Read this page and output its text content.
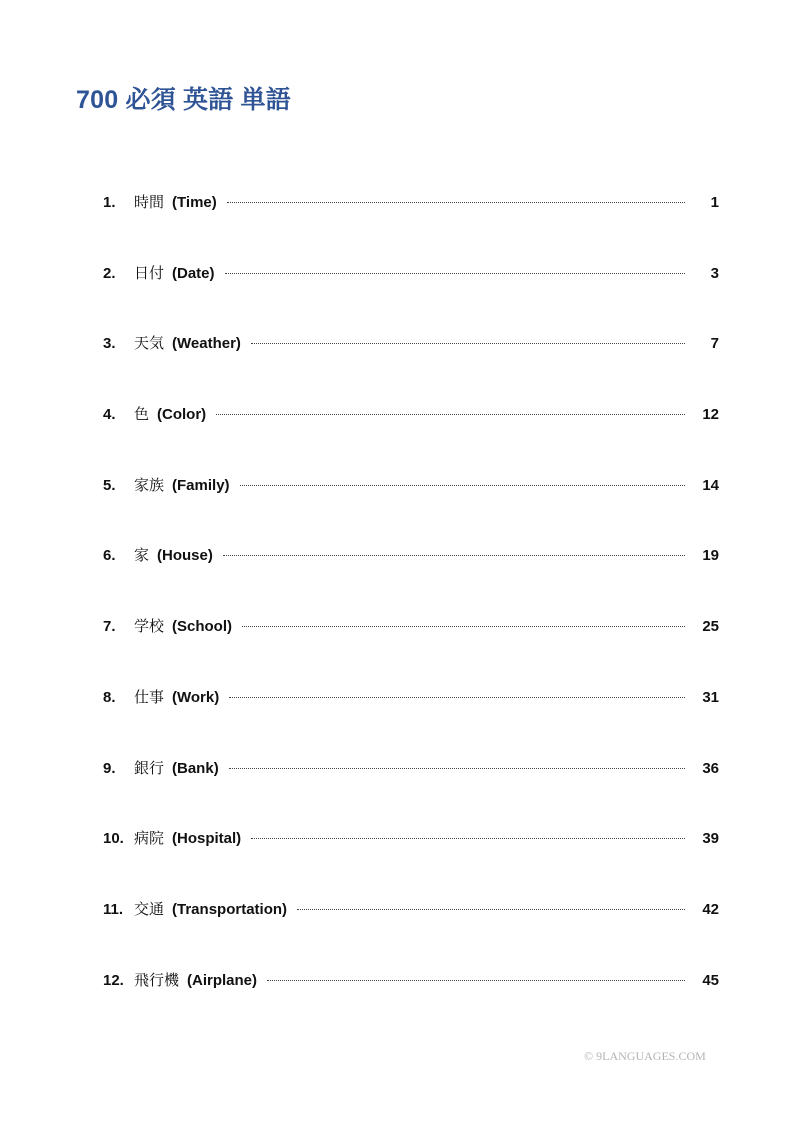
700 必須 英語 単語
1.	時間 (Time)	1
2.	日付 (Date)	3
3.	天気 (Weather)	7
4.	色 (Color)	12
5.	家族 (Family)	14
6.	家 (House)	19
7.	学校 (School)	25
8.	仕事 (Work)	31
9.	銀行 (Bank)	36
10. 病院 (Hospital)	39
11. 交通 (Transportation)	42
12. 飛行機 (Airplane)	45
© 9LANGUAGES.COM
